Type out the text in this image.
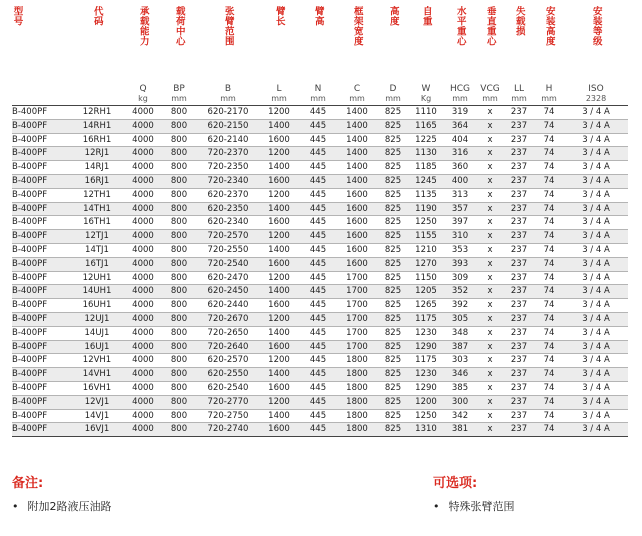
型号	代码	承载能力	载荷中心	张臂范围	臂长	臂高	框架宽度	高度	自重	水平重心	垂直重心	失载损	安装高度	安装等级
		Q	BP	B	L	N	C	D	W	HCG	VCG	LL	H	ISO
		kg	mm	mm	mm	mm	mm	mm	Kg	mm	mm	mm	mm	2328
B-400PF	12RH1	4000	800	620-2170	1200	445	1400	825	1110	319	x	237	74	3 / 4 A
B-400PF	14RH1	4000	800	620-2150	1400	445	1400	825	1165	364	x	237	74	3 / 4 A
B-400PF	16RH1	4000	800	620-2140	1600	445	1400	825	1225	404	x	237	74	3 / 4 A
B-400PF	12RJ1	4000	800	720-2370	1200	445	1400	825	1130	316	x	237	74	3 / 4 A
B-400PF	14RJ1	4000	800	720-2350	1400	445	1400	825	1185	360	x	237	74	3 / 4 A
B-400PF	16RJ1	4000	800	720-2340	1600	445	1400	825	1245	400	x	237	74	3 / 4 A
B-400PF	12TH1	4000	800	620-2370	1200	445	1600	825	1135	313	x	237	74	3 / 4 A
B-400PF	14TH1	4000	800	620-2350	1400	445	1600	825	1190	357	x	237	74	3 / 4 A
B-400PF	16TH1	4000	800	620-2340	1600	445	1600	825	1250	397	x	237	74	3 / 4 A
B-400PF	12TJ1	4000	800	720-2570	1200	445	1600	825	1155	310	x	237	74	3 / 4 A
B-400PF	14TJ1	4000	800	720-2550	1400	445	1600	825	1210	353	x	237	74	3 / 4 A
B-400PF	16TJ1	4000	800	720-2540	1600	445	1600	825	1270	393	x	237	74	3 / 4 A
B-400PF	12UH1	4000	800	620-2470	1200	445	1700	825	1150	309	x	237	74	3 / 4 A
B-400PF	14UH1	4000	800	620-2450	1400	445	1700	825	1205	352	x	237	74	3 / 4 A
B-400PF	16UH1	4000	800	620-2440	1600	445	1700	825	1265	392	x	237	74	3 / 4 A
B-400PF	12UJ1	4000	800	720-2670	1200	445	1700	825	1175	305	x	237	74	3 / 4 A
B-400PF	14UJ1	4000	800	720-2650	1400	445	1700	825	1230	348	x	237	74	3 / 4 A
B-400PF	16UJ1	4000	800	720-2640	1600	445	1700	825	1290	387	x	237	74	3 / 4 A
B-400PF	12VH1	4000	800	620-2570	1200	445	1800	825	1175	303	x	237	74	3 / 4 A
B-400PF	14VH1	4000	800	620-2550	1400	445	1800	825	1230	346	x	237	74	3 / 4 A
B-400PF	16VH1	4000	800	620-2540	1600	445	1800	825	1290	385	x	237	74	3 / 4 A
B-400PF	12VJ1	4000	800	720-2770	1200	445	1800	825	1200	300	x	237	74	3 / 4 A
B-400PF	14VJ1	4000	800	720-2750	1400	445	1800	825	1250	342	x	237	74	3 / 4 A
B-400PF	16VJ1	4000	800	720-2740	1600	445	1800	825	1310	381	x	237	74	3 / 4 A
备注:
• 附加2路液压油路
可选项:
• 特殊张臂范围
